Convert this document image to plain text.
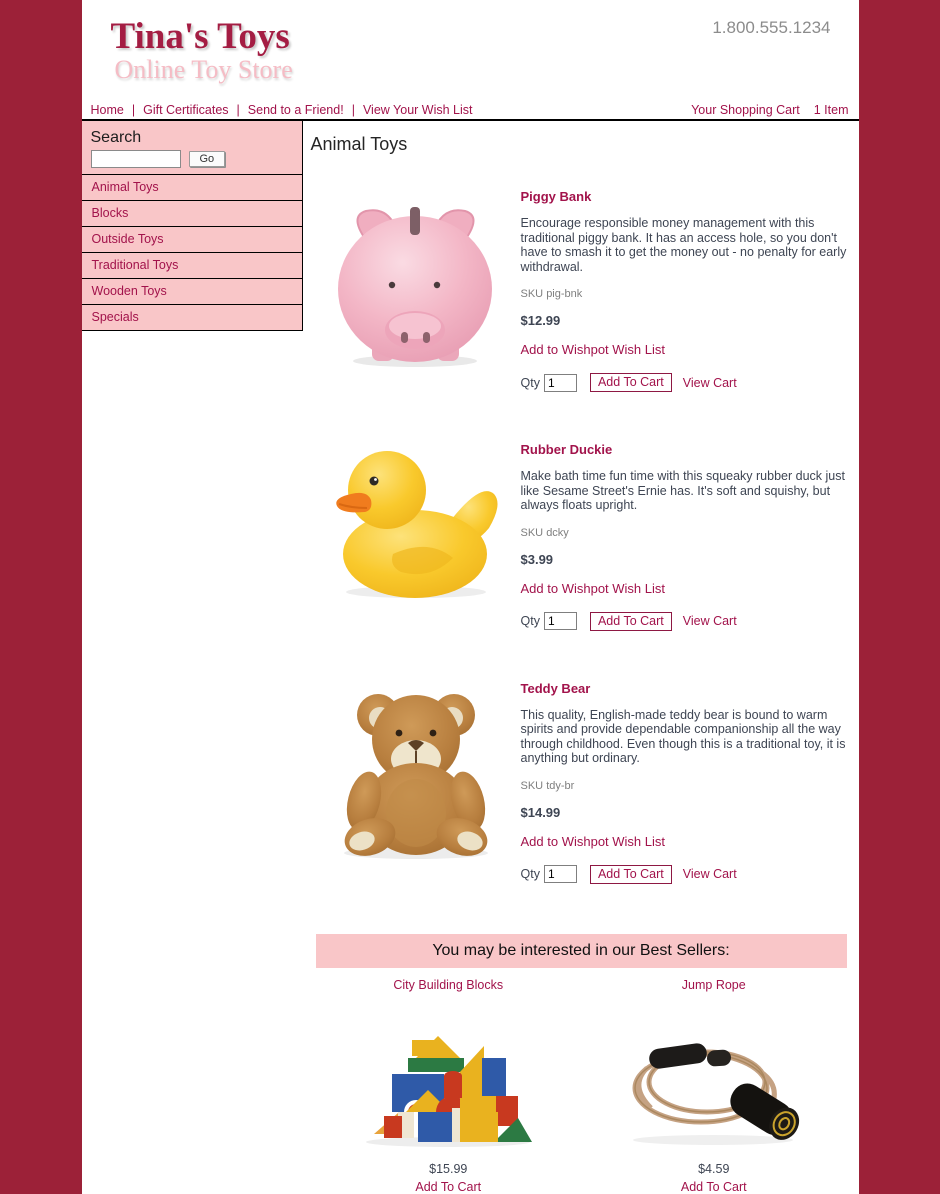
Tina's Toys
Online Toy Store
1.800.555.1234
Home | Gift Certificates | Send to a Friend! | View Your Wish List	Your Shopping Cart 1 Item
Search
Go
Animal Toys
Blocks
Outside Toys
Traditional Toys
Wooden Toys
Specials
Animal Toys
Piggy Bank
Encourage responsible money management with this traditional piggy bank. It has an access hole, so you don't have to smash it to get the money out - no penalty for early withdrawal.
SKU pig-bnk
$12.99
Add to Wishpot Wish List
Qty
1	Add To Cart	View Cart
Rubber Duckie
Make bath time fun time with this squeaky rubber duck just like Sesame Street's Ernie has. It's soft and squishy, but always floats upright.
SKU dcky
$3.99
Add to Wishpot Wish List
Qty
1	Add To Cart	View Cart
Teddy Bear
This quality, English-made teddy bear is bound to warm spirits and provide dependable companionship all the way through childhood. Even though this is a traditional toy, it is anything but ordinary.
SKU tdy-br
$14.99
Add to Wishpot Wish List
Qty
1	Add To Cart	View Cart
You may be interested in our Best Sellers:
City Building Blocks
$15.99
Add To Cart
Jump Rope
$4.59
Add To Cart
